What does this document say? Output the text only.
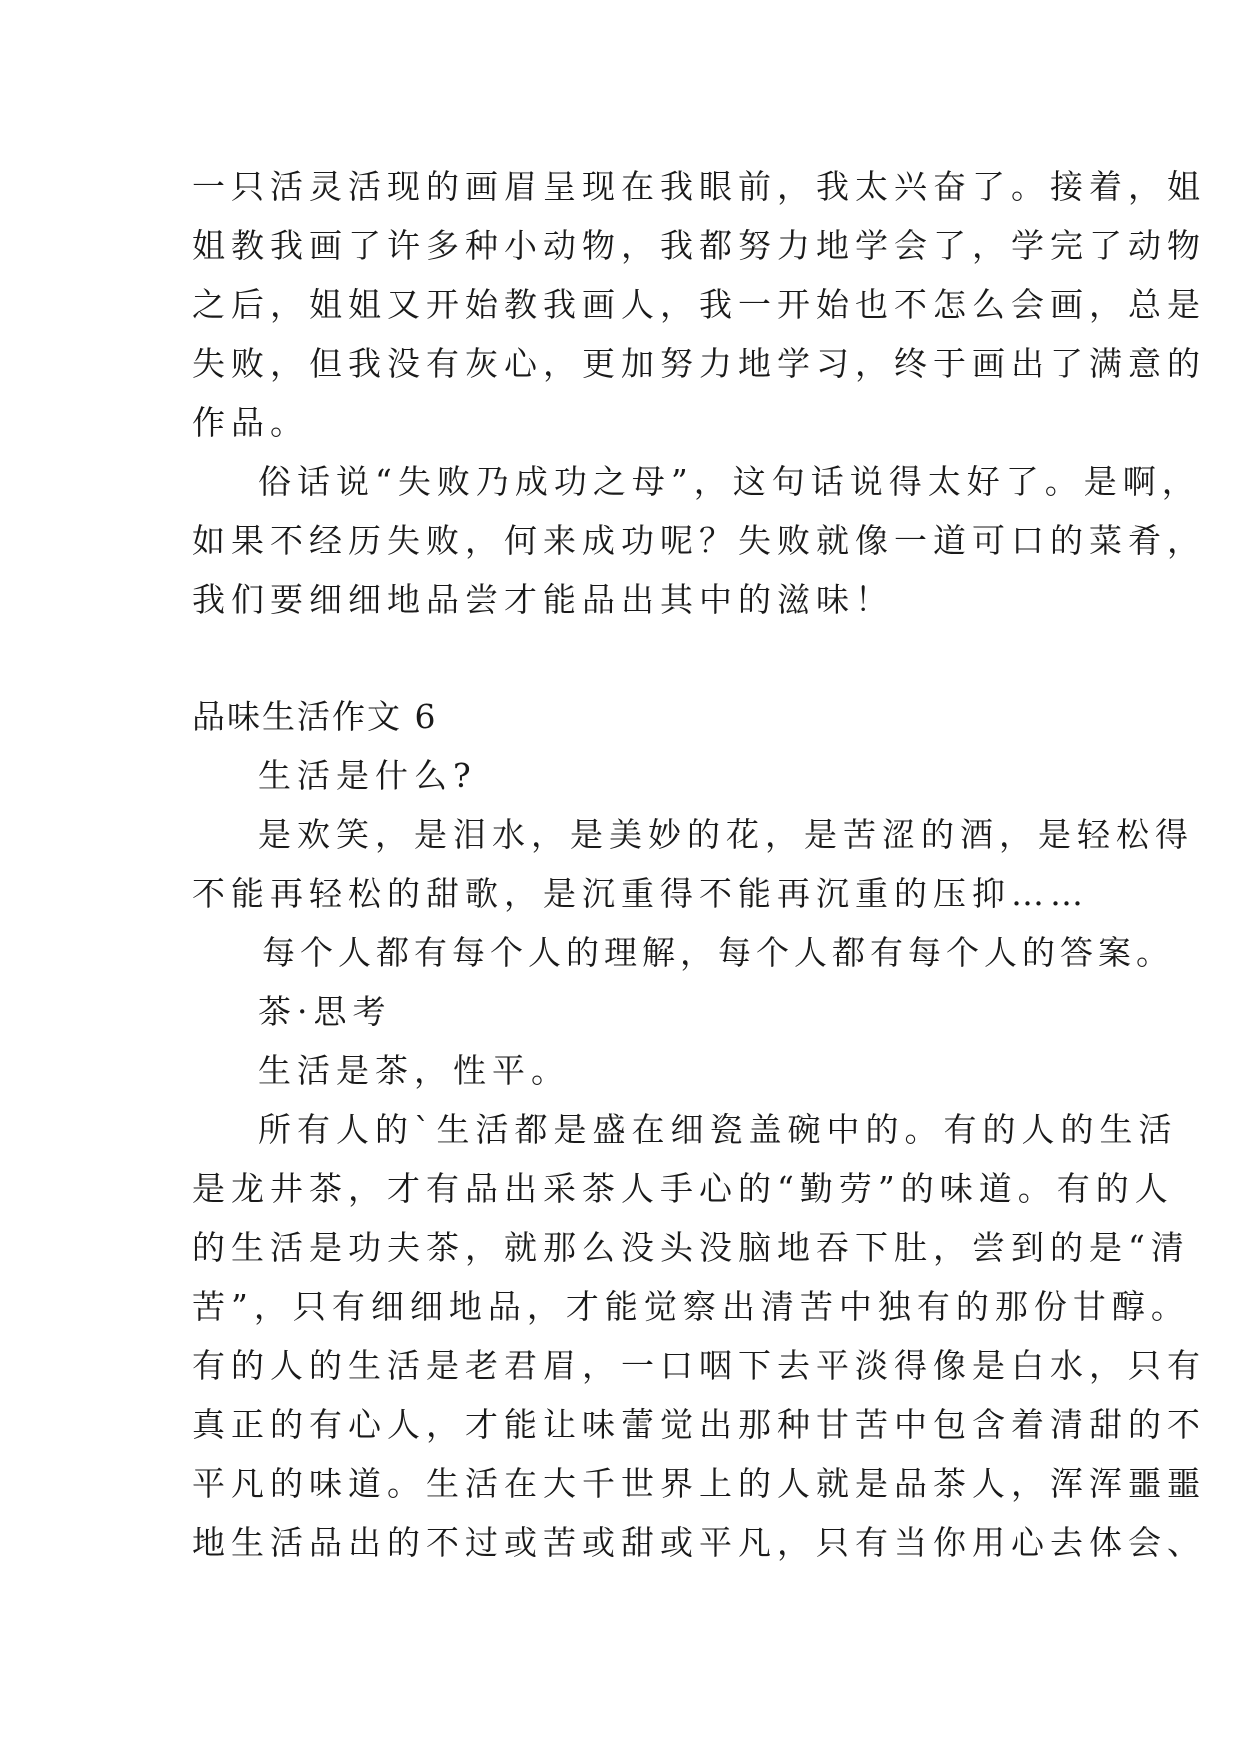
一只活灵活现的画眉呈现在我眼前，我太兴奋了。接着，姐
姐教我画了许多种小动物，我都努力地学会了，学完了动物
之后，姐姐又开始教我画人，我一开始也不怎么会画，总是
失败，但我没有灰心，更加努力地学习，终于画出了满意的
作品。
俗话说“失败乃成功之母”，这句话说得太好了。是啊，
如果不经历失败，何来成功呢？失败就像一道可口的菜肴，
我们要细细地品尝才能品出其中的滋味！
品味生活作文 6
生活是什么?
是欢笑，是泪水，是美妙的花，是苦涩的酒，是轻松得
不能再轻松的甜歌，是沉重得不能再沉重的压抑……
每个人都有每个人的理解，每个人都有每个人的答案。
茶·思考
生活是茶，性平。
所有人的`生活都是盛在细瓷盖碗中的。有的人的生活
是龙井茶，才有品出采茶人手心的“勤劳”的味道。有的人
的生活是功夫茶，就那么没头没脑地吞下肚，尝到的是“清
苦”，只有细细地品，才能觉察出清苦中独有的那份甘醇。
有的人的生活是老君眉，一口咽下去平淡得像是白水，只有
真正的有心人，才能让味蕾觉出那种甘苦中包含着清甜的不
平凡的味道。生活在大千世界上的人就是品茶人，浑浑噩噩
地生活品出的不过或苦或甜或平凡，只有当你用心去体会、
